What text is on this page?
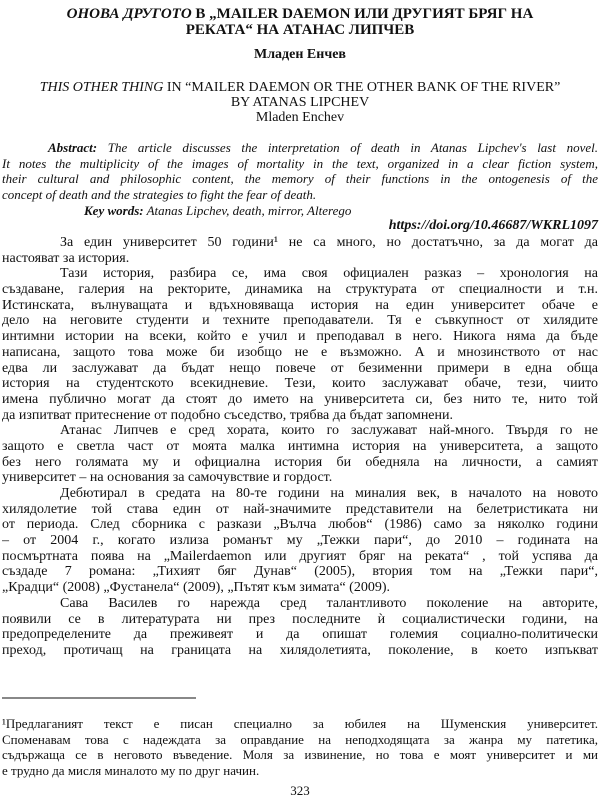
ОНОВА ДРУГОТО В „MAILER DAEMON ИЛИ ДРУГИЯТ БРЯГ НА
РЕКАТА“ НА АТАНАС ЛИПЧЕВ
Младен Енчев
THIS OTHER THING IN “MAILER DAEMON OR THE OTHER BANK OF THE RIVER”
BY ATANAS LIPCHEV
Mladen Enchev
Abstract: The article discusses the interpretation of death in Atanas Lipchev's last novel.
It notes the multiplicity of the images of mortality in the text, organized in a clear fiction system,
their cultural and philosophic content, the memory of their functions in the ontogenesis of the
concept of death and the strategies to fight the fear of death.
Key words: Atanas Lipchev, death, mirror, Alterego
https://doi.org/10.46687/WKRL1097
За един университет 50 години¹ не са много, но достатъчно, за да могат да
настояват за история.
Тази история, разбира се, има своя официален разказ – хронология на
създаване, галерия на ректорите, динамика на структурата от специалности и т.н.
Истинската, вълнуващата и вдъхновяваща история на един университет обаче е
дело на неговите студенти и техните преподаватели. Тя е съвкупност от хилядите
интимни истории на всеки, който е учил и преподавал в него. Никога няма да бъде
написана, защото това може би изобщо не е възможно. А и мнозинството от нас
едва ли заслужават да бъдат нещо повече от безименни примери в една обща
история на студентското всекидневие. Тези, които заслужават обаче, тези, чиито
имена публично могат да стоят до името на университета си, без нито те, нито той
да изпитват притеснение от подобно съседство, трябва да бъдат запомнени.
Атанас Липчев е сред хората, които го заслужават най-много. Твърдя го не
защото е светла част от моята малка интимна история на университета, а защото
без него голямата му и официална история би обедняла на личности, а самият
университет – на основания за самочувствие и гордост.
Дебютирал в средата на 80-те години на миналия век, в началото на новото
хилядолетие той става един от най-значимите представители на белетристиката ни
от периода. След сборника с разкази „Вълча любов“ (1986) само за няколко години
– от 2004 г., когато излиза романът му „Тежки пари“, до 2010 – годината на
посмъртната поява на „Mailerdaemon или другият бряг на реката“ , той успява да
създаде 7 романа: „Тихият бяг Дунав“ (2005), втория том на „Тежки пари“,
„Крадци“ (2008) „Фустанела“ (2009), „Пътят към зимата“ (2009).
Сава Василев го нарежда сред талантливото поколение на авторите,
появили се в литературата ни през последните ѝ социалистически години, на
предопределените да преживеят и да опишат големия социално-политически
преход, протичащ на границата на хилядолетията, поколение, в което изпъкват
¹Предлаганият текст е писан специално за юбилея на Шуменския университет.
Споменавам това с надеждата за оправдание на неподходящата за жанра му патетика,
съдържаща се в неговото въведение. Моля за извинение, но това е моят университет и ми
е трудно да мисля миналото му по друг начин.
323
